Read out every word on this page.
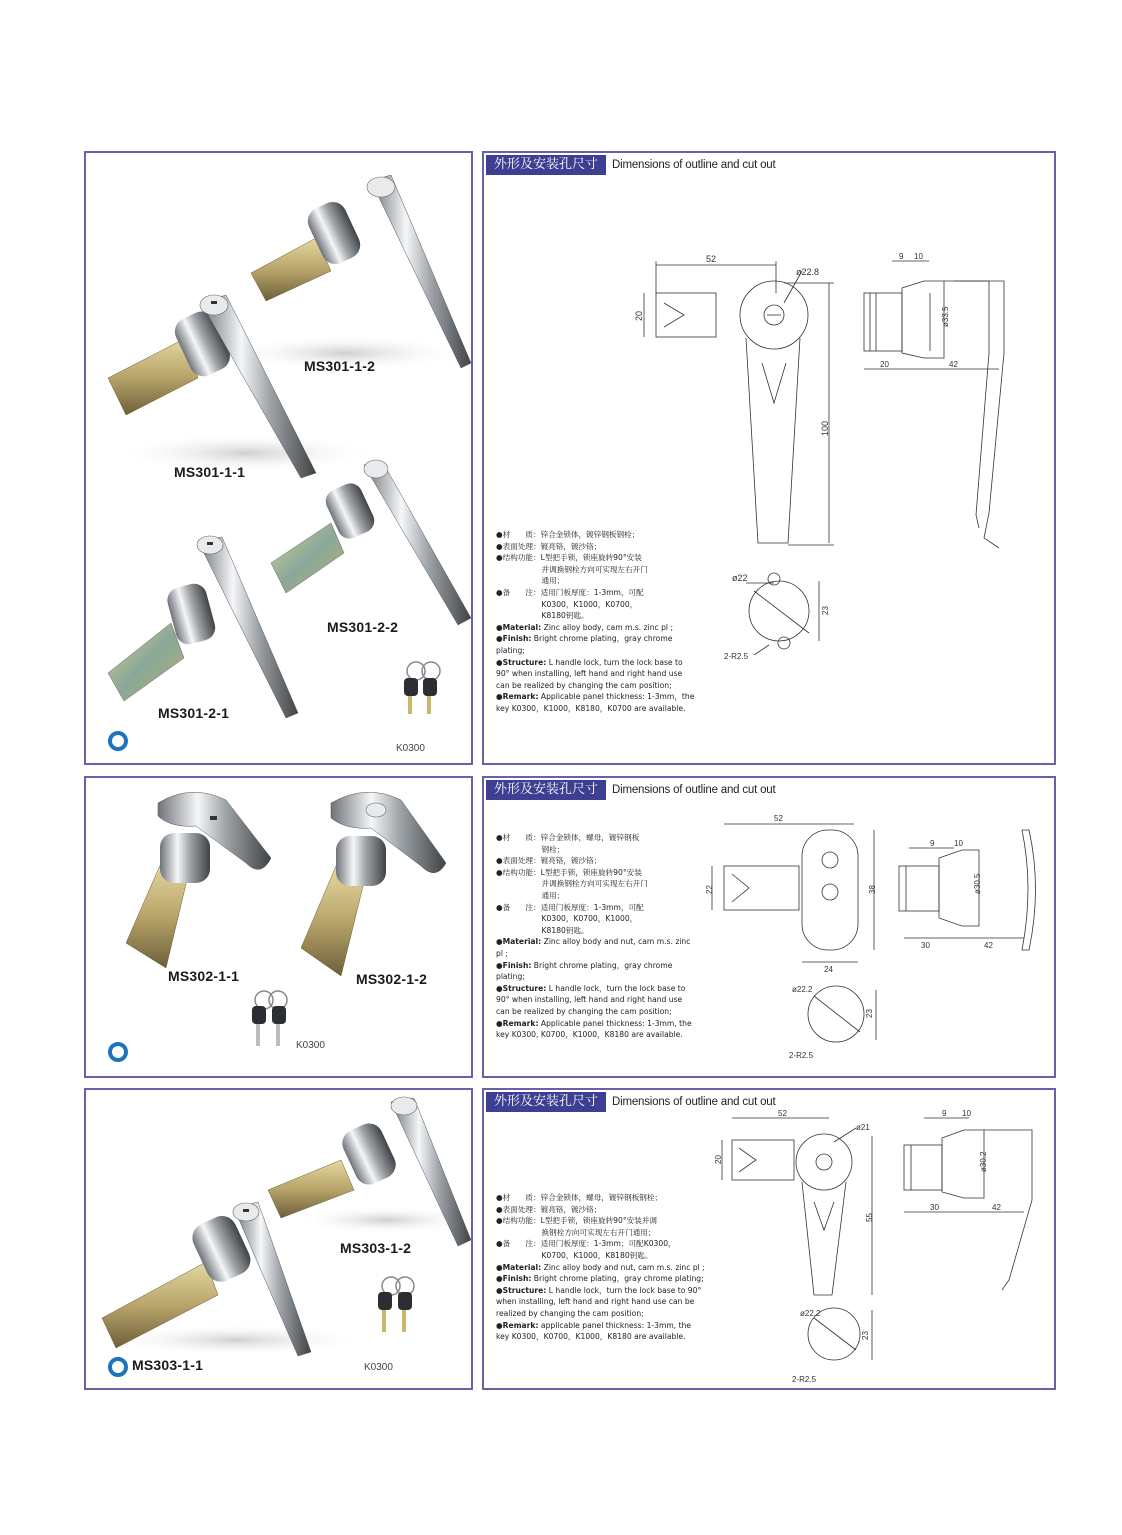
MS301-1-2
MS301-1-1
MS301-2-2
MS301-2-1
K0300
外形及安装孔尺寸	Dimensions of outline and cut out
52
ø22.8
20
100
9 10
ø33.5
20	42
ø22
23
2-R2.5

●材　　质：锌合金锁体，镀锌钢板钢栓；

●表面处理：镀亮铬，镀沙铬；

●结构功能：L型把手锁，锁座旋转90°安装

　　　　　　并调换钢栓方向可实现左右开门

　　　　　　通用；

●备　　注：适用门板厚度：1-3mm，可配

　　　　　　K0300，K1000，K0700，

　　　　　　K8180钥匙。

●Material: Zinc alloy body, cam m.s. zinc pl ;

●Finish: Bright chrome plating，gray chrome plating;

●Structure: L handle lock, turn the lock base to 90° when installing, left hand and right hand use can be realized by changing the cam position;

●Remark: Applicable panel thickness: 1-3mm，the key K0300，K1000，K8180，K0700 are available.

MS302-1-1	MS302-1-2
K0300
外形及安装孔尺寸	Dimensions of outline and cut out
52
22	38
24
9 10
ø30.5
30	42
ø22.2
23
2-R2.5

●材　　质：锌合金锁体，螺母，镀锌钢板

　　　　　　钢栓；

●表面处理：镀亮铬，镀沙铬；

●结构功能：L型把手锁，锁座旋转90°安装

　　　　　　并调换钢栓方向可实现左右开门

　　　　　　通用；

●备　　注：适用门板厚度：1-3mm，可配

　　　　　　K0300，K0700，K1000，

　　　　　　K8180钥匙。

●Material: Zinc alloy body and nut, cam m.s. zinc pl ;

●Finish: Bright chrome plating，gray chrome plating;

●Structure: L handle lock，turn the lock base to 90° when installing, left hand and right hand use can be realized by changing the cam position;

●Remark: Applicable panel thickness: 1-3mm, the key K0300, K0700，K1000，K8180 are available.

MS303-1-2
MS303-1-1	K0300
外形及安装孔尺寸	Dimensions of outline and cut out
52
ø21
20
55
9 10
ø30.2
30	42
ø22.2
23
2-R2.5

●材　　质：锌合金锁体，螺母，镀锌钢板钢栓；

●表面处理：镀亮铬，镀沙铬；

●结构功能：L型把手锁，锁座旋转90°安装并调

　　　　　　换钢栓方向可实现左右开门通用；

●备　　注：适用门板厚度：1-3mm；可配K0300，

　　　　　　K0700，K1000，K8180钥匙。

●Material: Zinc alloy body and nut, cam m.s. zinc pl ;

●Finish: Bright chrome plating，gray chrome plating;

●Structure: L handle lock，turn the lock base to 90° when installing, left hand and right hand use can be realized by changing the cam position;

●Remark: applicable panel thickness: 1-3mm, the key K0300，K0700，K1000，K8180 are available.
